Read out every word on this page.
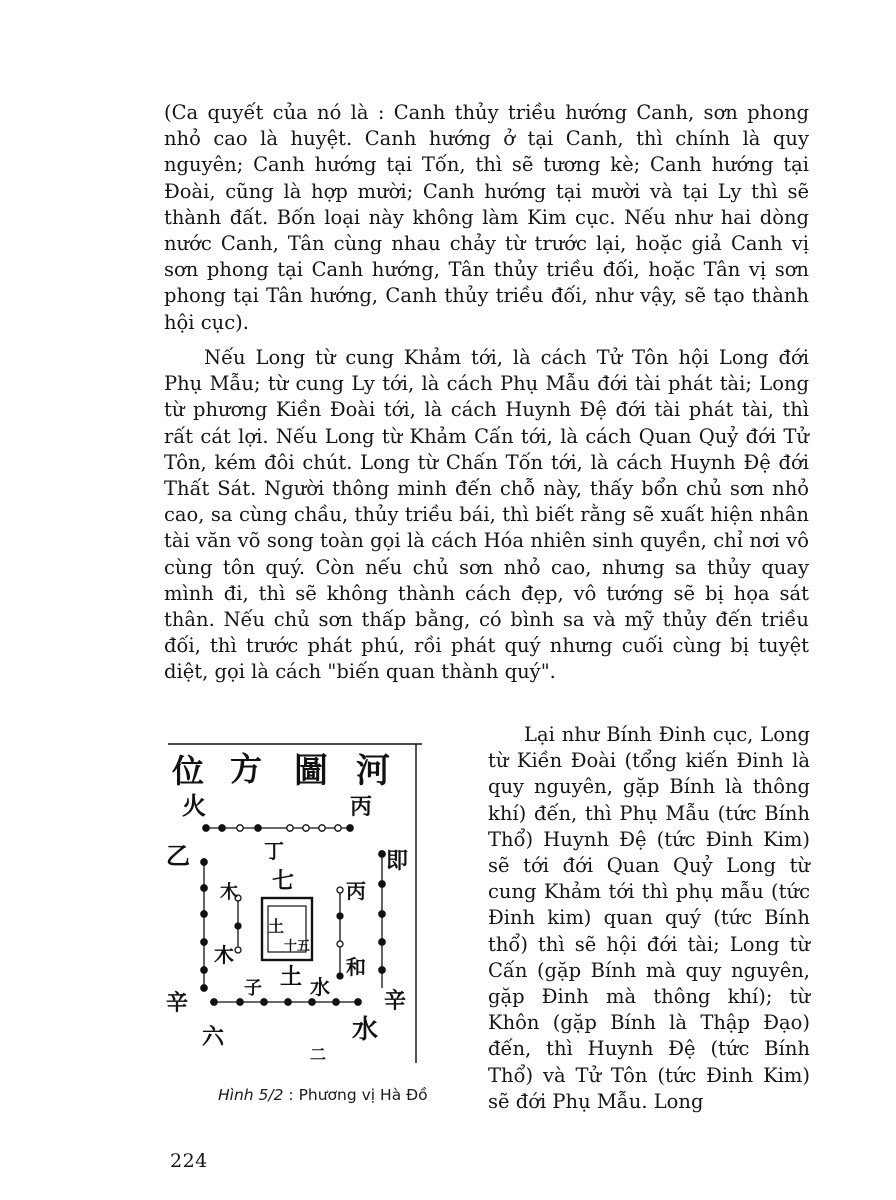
(Ca quyết của nó là : Canh thủy triều hướng Canh, sơn phong nhỏ cao là huyệt. Canh hướng ở tại Canh, thì chính là quy nguyên; Canh hướng tại Tốn, thì sẽ tương kè; Canh hướng tại Đoài, cũng là hợp mười; Canh hướng tại mười và tại Ly thì sẽ thành đất. Bốn loại này không làm Kim cục. Nếu như hai dòng nước Canh, Tân cùng nhau chảy từ trước lại, hoặc giả Canh vị sơn phong tại Canh hướng, Tân thủy triều đối, hoặc Tân vị sơn phong tại Tân hướng, Canh thủy triều đối, như vậy, sẽ tạo thành hội cục).

Nếu Long từ cung Khảm tới, là cách Tử Tôn hội Long đới Phụ Mẫu; từ cung Ly tới, là cách Phụ Mẫu đới tài phát tài; Long từ phương Kiền Đoài tới, là cách Huynh Đệ đới tài phát tài, thì rất cát lợi. Nếu Long từ Khảm Cấn tới, là cách Quan Quỷ đới Tử Tôn, kém đôi chút. Long từ Chấn Tốn tới, là cách Huynh Đệ đới Thất Sát. Người thông minh đến chỗ này, thấy bổn chủ sơn nhỏ cao, sa cùng chầu, thủy triều bái, thì biết rằng sẽ xuất hiện nhân tài văn võ song toàn gọi là cách Hóa nhiên sinh quyền, chỉ nơi vô cùng tôn quý. Còn nếu chủ sơn nhỏ cao, nhưng sa thủy quay mình đi, thì sẽ không thành cách đẹp, vô tướng sẽ bị họa sát thân. Nếu chủ sơn thấp bằng, có bình sa và mỹ thủy đến triều đối, thì trước phát phú, rồi phát quý nhưng cuối cùng bị tuyệt diệt, gọi là cách "biến quan thành quý".

位 方 圖 河
火	丙
丁
七
乙	即
木
木
土
十五
丙
和
土 水
子
辛
六	水
辛
二
Hình 5/2 : Phương vị Hà Đồ

Lại như Bính Đinh cục, Long từ Kiền Đoài (tổng kiến Đinh là quy nguyên, gặp Bính là thông khí) đến, thì Phụ Mẫu (tức Bính Thổ) Huynh Đệ (tức Đinh Kim) sẽ tới đới Quan Quỷ Long từ cung Khảm tới thì phụ mẫu (tức Đinh kim) quan quý (tức Bính thổ) thì sẽ hội đới tài; Long từ Cấn (gặp Bính mà quy nguyên, gặp Đinh mà thông khí); từ Khôn (gặp Bính là Thập Đạo) đến, thì Huynh Đệ (tức Bính Thổ) và Tử Tôn (tức Đinh Kim) sẽ đới Phụ Mẫu. Long

224
